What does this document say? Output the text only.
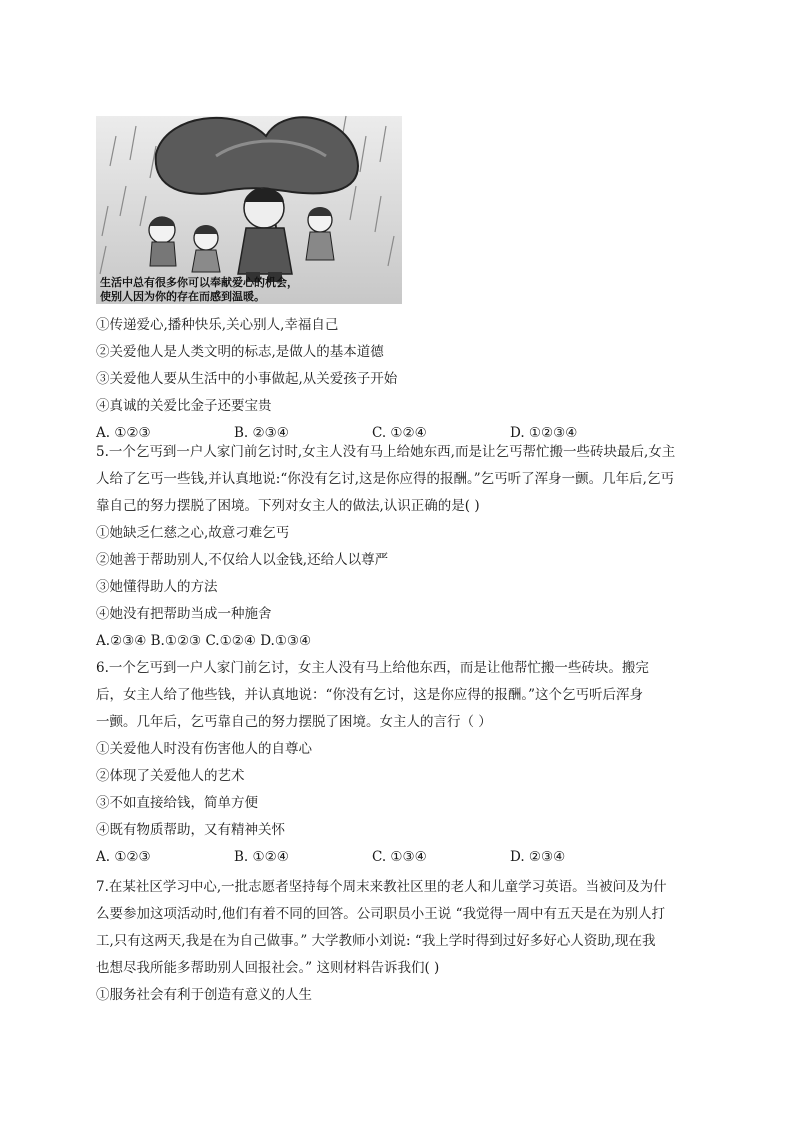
生活中总有很多你可以奉献爱心的机会，
使别人因为你的存在而感到温暖。
①传递爱心,播种快乐,关心别人,幸福自己
②关爱他人是人类文明的标志,是做人的基本道德
③关爱他人要从生活中的小事做起,从关爱孩子开始
④真诚的关爱比金子还要宝贵
A. ①②③	B. ②③④	C. ①②④	D. ①②③④
5.一个乞丐到一户人家门前乞讨时,女主人没有马上给她东西,而是让乞丐帮忙搬一些砖块最后,女主
人给了乞丐一些钱,并认真地说:“你没有乞讨,这是你应得的报酬。”乞丐听了浑身一颤。几年后,乞丐
靠自己的努力摆脱了困境。下列对女主人的做法,认识正确的是( )
①她缺乏仁慈之心,故意刁难乞丐
②她善于帮助别人,不仅给人以金钱,还给人以尊严
③她懂得助人的方法
④她没有把帮助当成一种施舍
A.②③④ B.①②③ C.①②④ D.①③④
6.一个乞丐到一户人家门前乞讨，女主人没有马上给他东西，而是让他帮忙搬一些砖块。搬完
后，女主人给了他些钱，并认真地说：“你没有乞讨，这是你应得的报酬。”这个乞丐听后浑身
一颤。几年后，乞丐靠自己的努力摆脱了困境。女主人的言行（ ）
①关爱他人时没有伤害他人的自尊心
②体现了关爱他人的艺术
③不如直接给钱，简单方便
④既有物质帮助，又有精神关怀
A. ①②③	B. ①②④	C. ①③④	D. ②③④
7.在某社区学习中心,一批志愿者坚持每个周末来教社区里的老人和儿童学习英语。当被问及为什
么要参加这项活动时,他们有着不同的回答。公司职员小王说 “我觉得一周中有五天是在为别人打
工,只有这两天,我是在为自己做事。” 大学教师小刘说: “我上学时得到过好多好心人资助,现在我
也想尽我所能多帮助别人回报社会。” 这则材料告诉我们( )
①服务社会有利于创造有意义的人生
